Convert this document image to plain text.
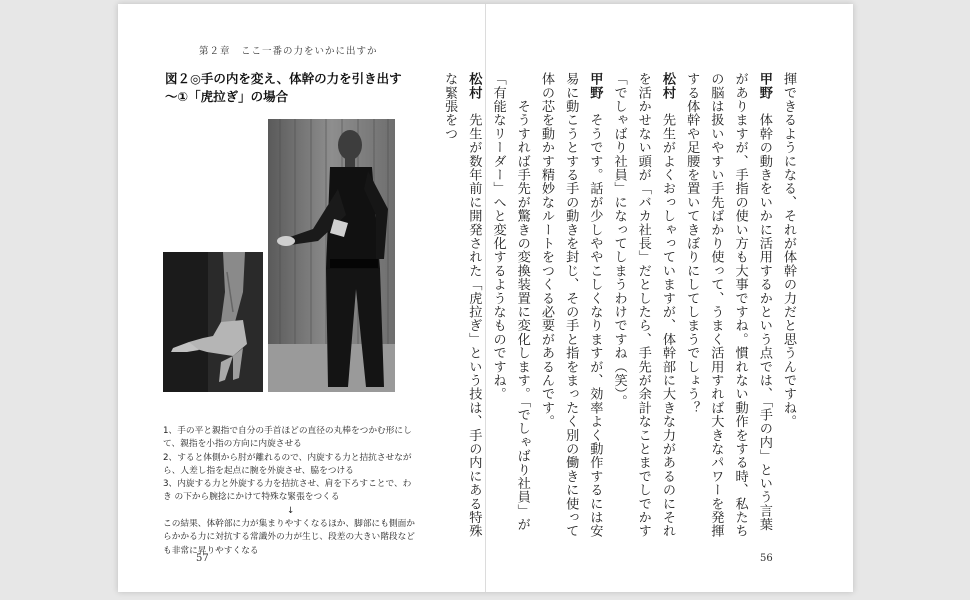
第２章　ここ一番の力をいかに出すか
図２◎手の内を変え、体幹の力を引き出す
〜①「虎拉ぎ」の場合
1、手の平と親指で自分の手首ほどの直径の丸棒をつかむ形にし
て、親指を小指の方向に内旋させる
2、すると体側から肘が離れるので、内旋する力と拮抗させなが
ら、人差し指を起点に腕を外旋させ、脇をつける
3、内旋する力と外旋する力を拮抗させ、肩を下ろすことで、わ
き の下から腕捻にかけて特殊な緊張をつくる
↓
この結果、体幹部に力が集まりやすくなるほか、脚部にも側面か
らかかる力に対抗する常識外の力が生じ、段差の大きい階段など
も非常に昇りやすくなる
57
揮できるようになる、それが体幹の力だと思うんですね。
甲野　体幹の動きをいかに活用するかという点では、「手の内」という言葉がありますが、手指の使い方も大事ですね。慣れない動作をする時、私たちの脳は扱いやすい手先ばかり使って、うまく活用すれば大きなパワーを発揮する体幹や足腰を置いてきぼりにしてしまうでしょう？
松村　先生がよくおっしゃっていますが、体幹部に大きな力があるのにそれを活かせない頭が「バカ社長」だとしたら、手先が余計なことまでしでかす「でしゃばり社員」になってしまうわけですね（笑）。
甲野　そうです。話が少しややこしくなりますが、効率よく動作するには安易に動こうとする手の動きを封じ、その手と指をまったく別の働きに使って体の芯を動かす精妙なルートをつくる必要があるんです。
　　そうすれば手先が驚きの変換装置に変化します。「でしゃばり社員」が「有能なリーダー」へと変化するようなものですね。
松村　先生が数年前に開発された「虎拉ぎ」という技は、手の内にある特殊な緊張をつ
56
